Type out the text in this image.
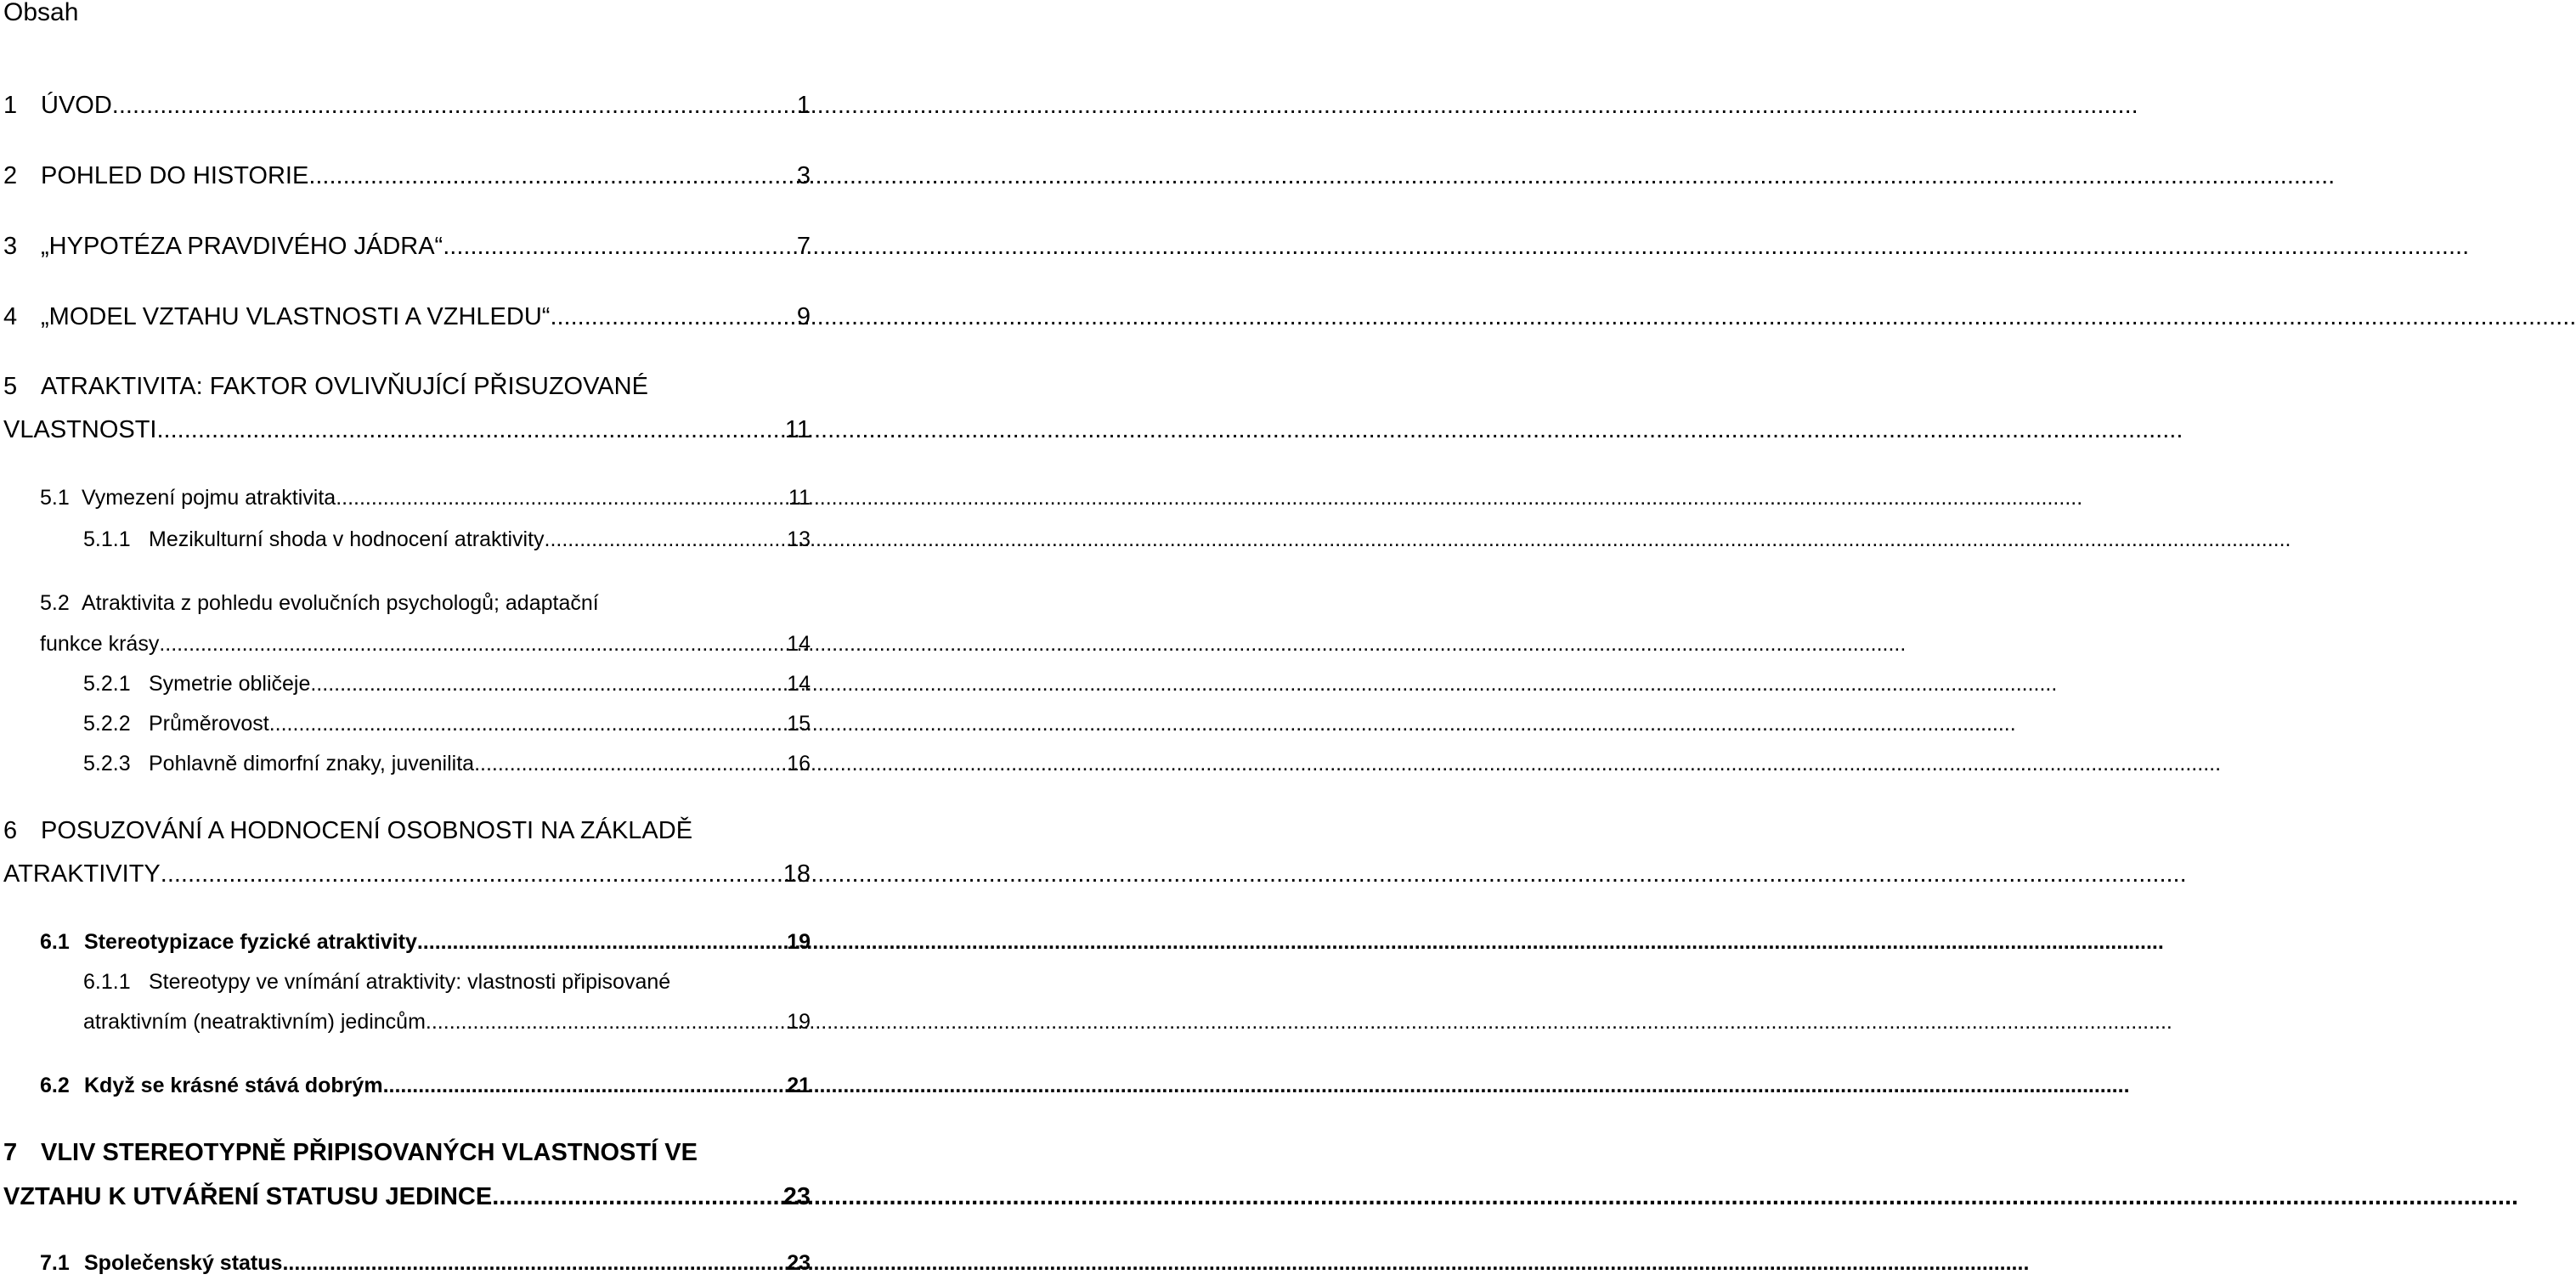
Obsah
1 ÚVOD .....	1
2 POHLED DO HISTORIE .....	3
3 „HYPOTÉZA PRAVDIVÉHO JÁDRA“ .....	7
4 „MODEL VZTAHU VLASTNOSTI A VZHLEDU“ .....	9
5 ATRAKTIVITA: FAKTOR OVLIVŇUJÍCÍ PŘISUZOVANÉ
VLASTNOSTI .....	11
5.1 Vymezení pojmu atraktivita .....	11
5.1.1 Mezikulturní shoda v hodnocení atraktivity .....	13
5.2 Atraktivita z pohledu evolučních psychologů; adaptační
funkce krásy .....	14
5.2.1 Symetrie obličeje .....	14
5.2.2 Průměrovost .....	15
5.2.3 Pohlavně dimorfní znaky, juvenilita .....	16
6 POSUZOVÁNÍ A HODNOCENÍ OSOBNOSTI NA ZÁKLADĚ
ATRAKTIVITY .....	18
6.1 Stereotypizace fyzické atraktivity .....	19
6.1.1 Stereotypy ve vnímání atraktivity: vlastnosti připisované
atraktivním (neatraktivním) jedincům .....	19
6.2 Když se krásné stává dobrým .....	21
7 VLIV STEREOTYPNĚ PŘIPISOVANÝCH VLASTNOSTÍ VE
VZTAHU K UTVÁŘENÍ STATUSU JEDINCE .....	23
7.1 Společenský status .....	23
